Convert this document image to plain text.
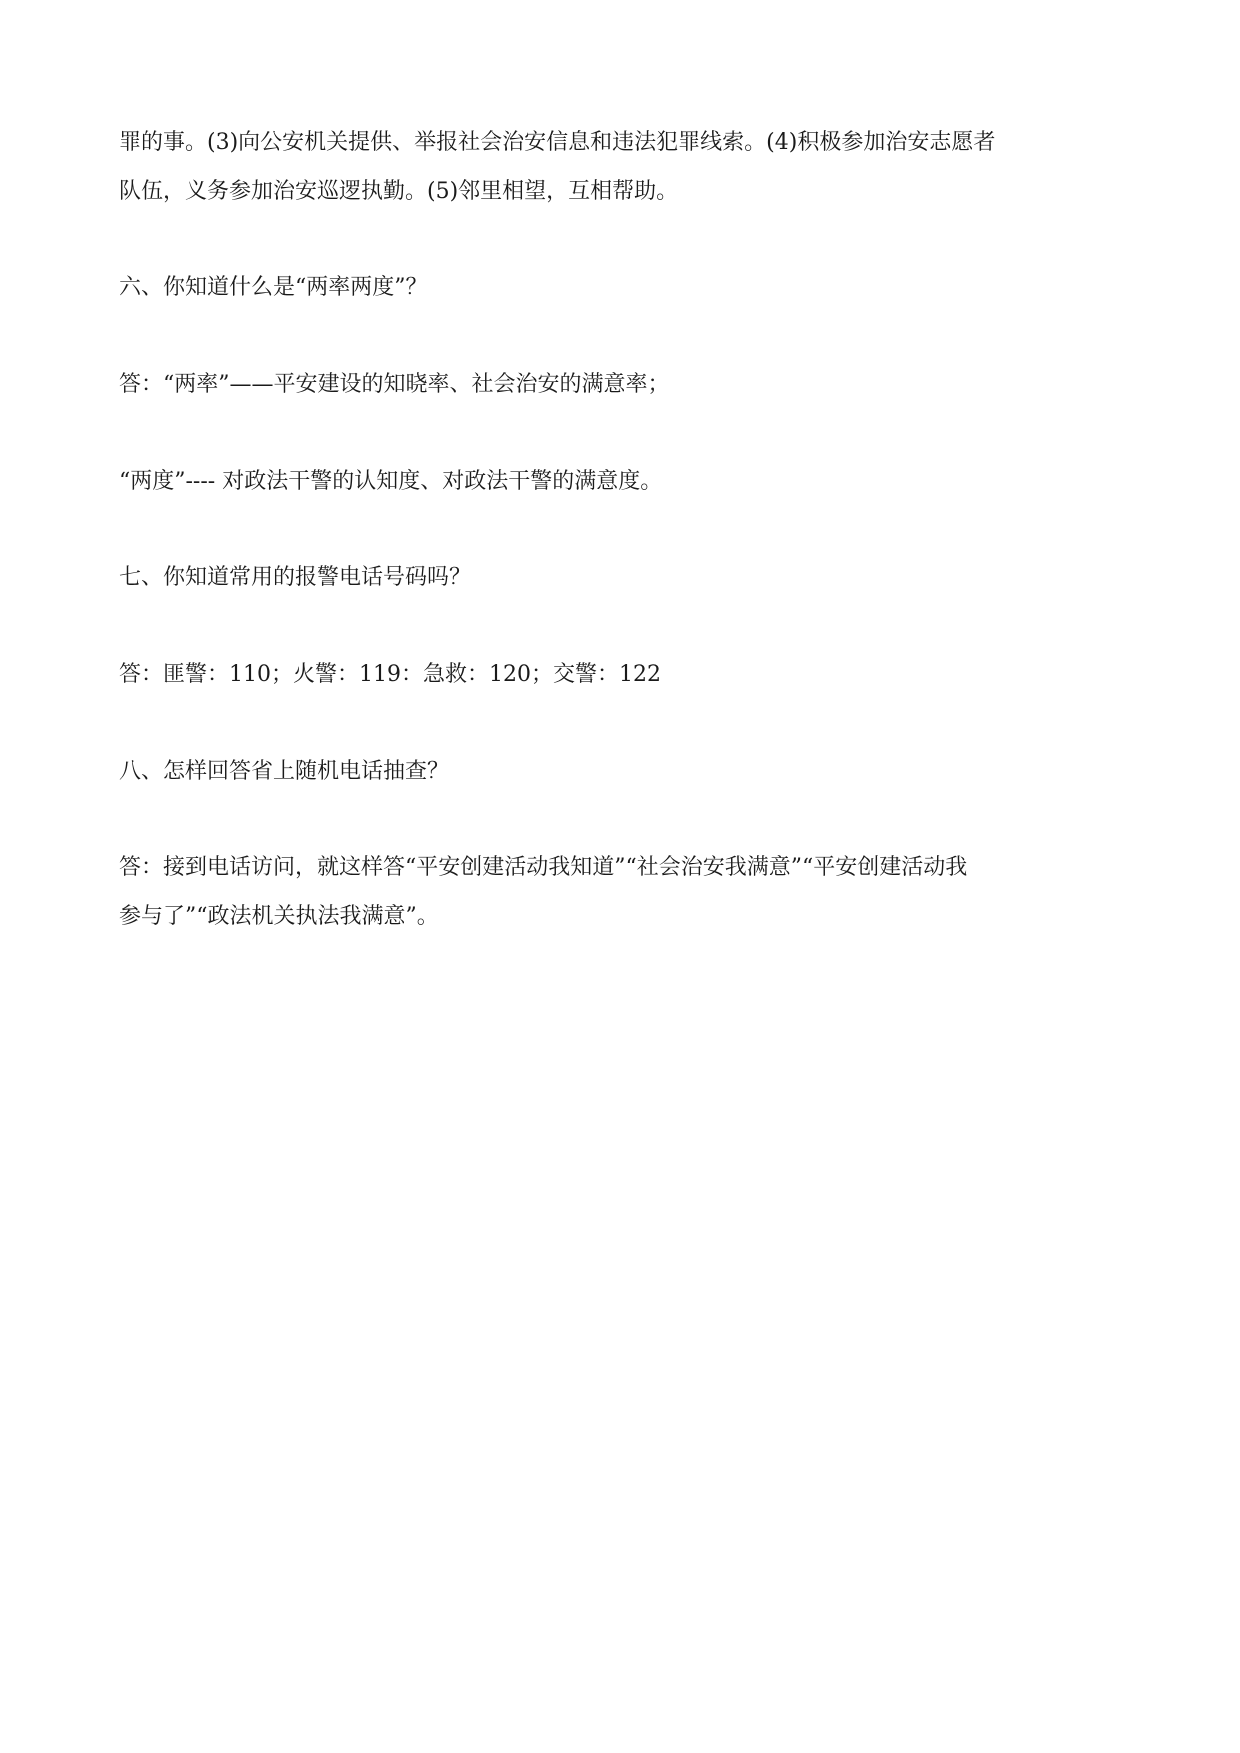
罪的事。(3)向公安机关提供、举报社会治安信息和违法犯罪线索。(4)积极参加治安志愿者
队伍，义务参加治安巡逻执勤。(5)邻里相望，互相帮助。
六、你知道什么是“两率两度”？
答：“两率”——平安建设的知晓率、社会治安的满意率；
“两度”---- 对政法干警的认知度、对政法干警的满意度。
七、你知道常用的报警电话号码吗？
答：匪警：110；火警：119：急救：120；交警：122
八、怎样回答省上随机电话抽查？
答：接到电话访问，就这样答“平安创建活动我知道”“社会治安我满意”“平安创建活动我
参与了”“政法机关执法我满意”。
